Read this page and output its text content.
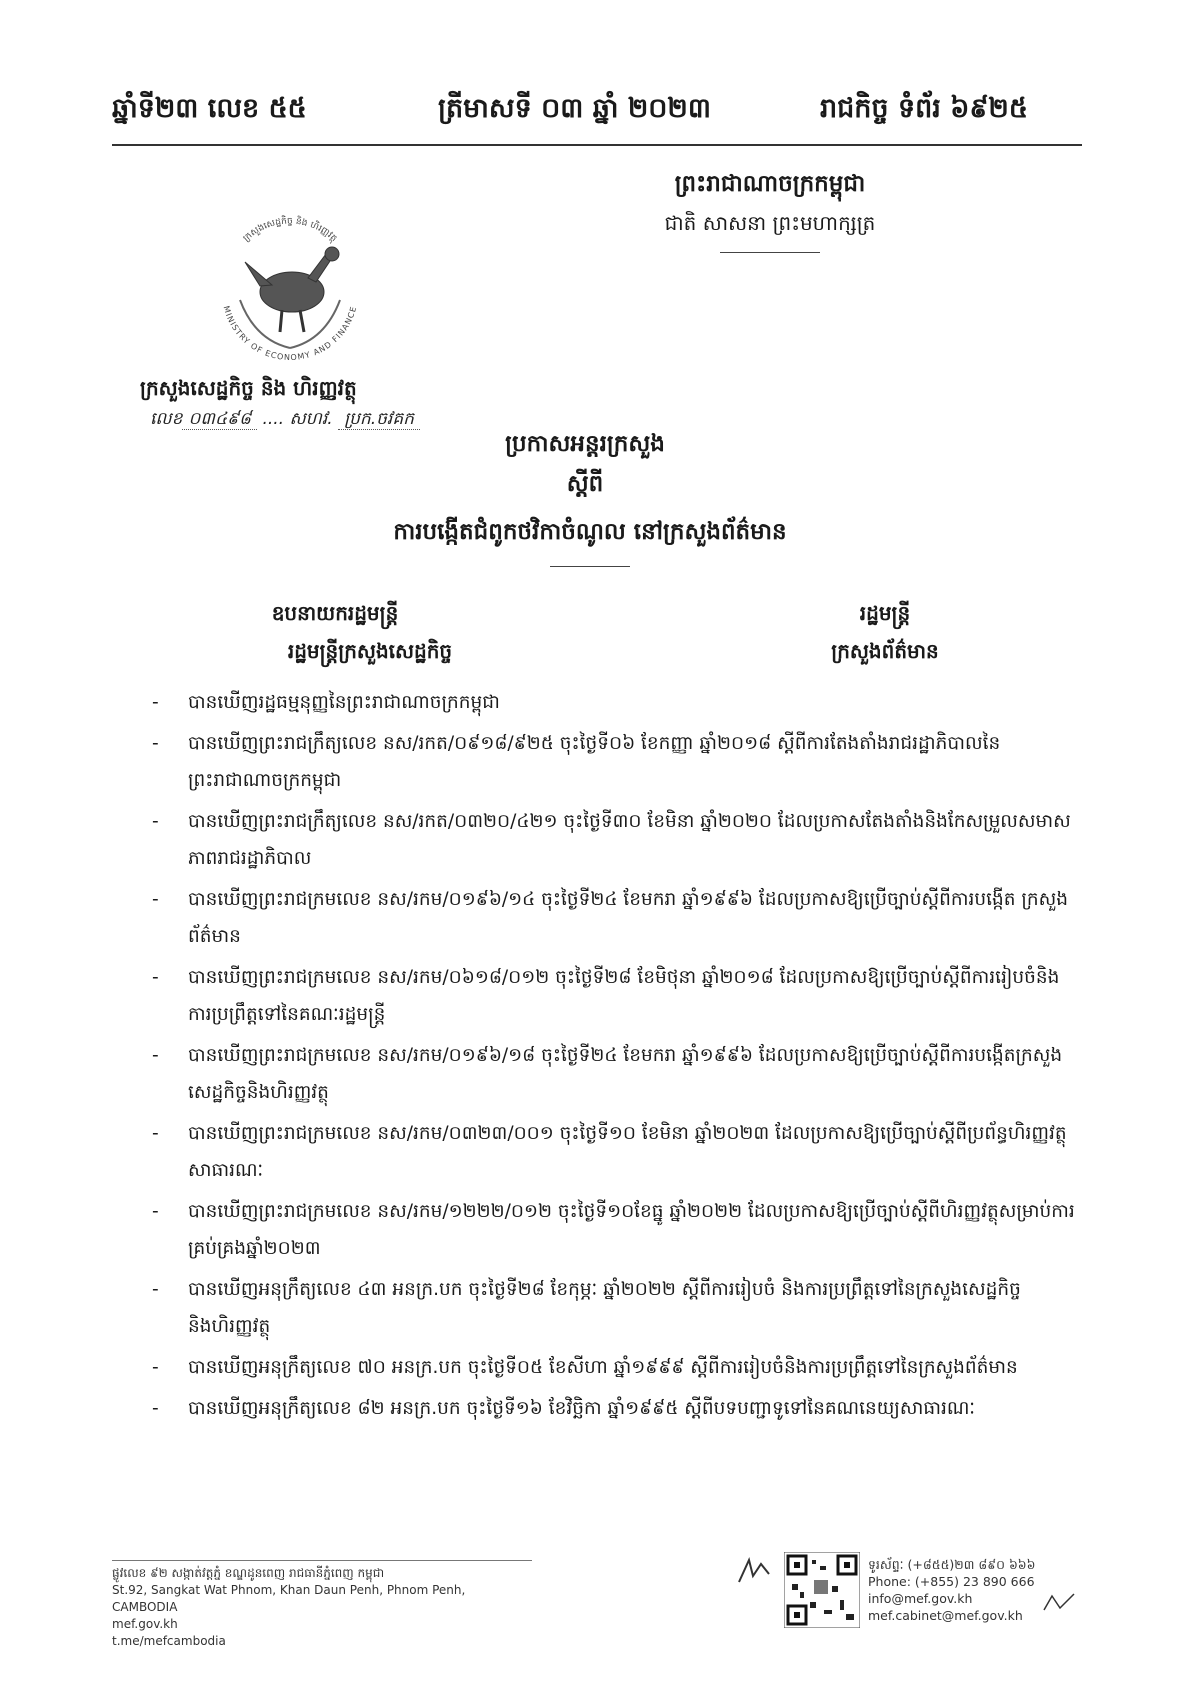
ឆ្នាំទី២៣ លេខ ៥៥	ត្រីមាសទី ០៣ ឆ្នាំ ២០២៣	រាជកិច្ច ទំព័រ ៦៩២៥
ព្រះរាជាណាចក្រកម្ពុជា
ជាតិ សាសនា ព្រះមហាក្សត្រ
MINISTRY OF ECONOMY AND FINANCE
ក្រសួងសេដ្ឋកិច្ច និង ហិរញ្ញវត្ថុ
ក្រសួងសេដ្ឋកិច្ច និង ហិរញ្ញវត្ថុ
លេខ ០៣៤៩៨ .... សហវ. ប្រក.ចវគក
ប្រកាសអន្តរក្រសួង
ស្តីពី
ការបង្កើតជំពូកថវិកាចំណូល នៅក្រសួងព័ត៌មាន
ឧបនាយករដ្ឋមន្ត្រី
រដ្ឋមន្ត្រីក្រសួងសេដ្ឋកិច្ច
រដ្ឋមន្ត្រី
ក្រសួងព័ត៌មាន
- បានឃើញរដ្ឋធម្មនុញ្ញនៃព្រះរាជាណាចក្រកម្ពុជា
- បានឃើញព្រះរាជក្រឹត្យលេខ នស/រកត/០៩១៨/៩២៥ ចុះថ្ងៃទី០៦ ខែកញ្ញា ឆ្នាំ២០១៨ ស្តីពីការតែងតាំងរាជរដ្ឋាភិបាលនៃព្រះរាជាណាចក្រកម្ពុជា
- បានឃើញព្រះរាជក្រឹត្យលេខ នស/រកត/០៣២០/៤២១ ចុះថ្ងៃទី៣០ ខែមិនា ឆ្នាំ២០២០ ដែលប្រកាសតែងតាំងនិងកែសម្រួលសមាសភាពរាជរដ្ឋាភិបាល
- បានឃើញព្រះរាជក្រមលេខ នស/រកម/០១៩៦/១៤ ចុះថ្ងៃទី២៤ ខែមករា ឆ្នាំ១៩៩៦ ដែលប្រកាសឱ្យប្រើច្បាប់ស្តីពីការបង្កើត ក្រសួងព័ត៌មាន
- បានឃើញព្រះរាជក្រមលេខ នស/រកម/០៦១៨/០១២ ចុះថ្ងៃទី២៨ ខែមិថុនា ឆ្នាំ២០១៨ ដែលប្រកាសឱ្យប្រើច្បាប់ស្តីពីការរៀបចំនិងការប្រព្រឹត្តទៅនៃគណៈរដ្ឋមន្ត្រី
- បានឃើញព្រះរាជក្រមលេខ នស/រកម/០១៩៦/១៨ ចុះថ្ងៃទី២៤ ខែមករា ឆ្នាំ១៩៩៦ ដែលប្រកាសឱ្យប្រើច្បាប់ស្តីពីការបង្កើតក្រសួងសេដ្ឋកិច្ចនិងហិរញ្ញវត្ថុ
- បានឃើញព្រះរាជក្រមលេខ នស/រកម/០៣២៣/០០១ ចុះថ្ងៃទី១០ ខែមិនា ឆ្នាំ២០២៣ ដែលប្រកាសឱ្យប្រើច្បាប់ស្តីពីប្រព័ន្ធហិរញ្ញវត្ថុសាធារណៈ
- បានឃើញព្រះរាជក្រមលេខ នស/រកម/១២២២/០១២ ចុះថ្ងៃទី១០ខែធ្នូ ឆ្នាំ២០២២ ដែលប្រកាសឱ្យប្រើច្បាប់ស្តីពីហិរញ្ញវត្ថុសម្រាប់ការគ្រប់គ្រងឆ្នាំ២០២៣
- បានឃើញអនុក្រឹត្យលេខ ៤៣ អនក្រ.បក ចុះថ្ងៃទី២៨ ខែកុម្ភៈ ឆ្នាំ២០២២ ស្តីពីការរៀបចំ និងការប្រព្រឹត្តទៅនៃក្រសួងសេដ្ឋកិច្ច និងហិរញ្ញវត្ថុ
- បានឃើញអនុក្រឹត្យលេខ ៧០ អនក្រ.បក ចុះថ្ងៃទី០៥ ខែសីហា ឆ្នាំ១៩៩៩ ស្តីពីការរៀបចំនិងការប្រព្រឹត្តទៅនៃក្រសួងព័ត៌មាន
- បានឃើញអនុក្រឹត្យលេខ ៨២ អនក្រ.បក ចុះថ្ងៃទី១៦ ខែវិច្ឆិកា ឆ្នាំ១៩៩៥ ស្តីពីបទបញ្ជាទូទៅនៃគណនេយ្យសាធារណៈ
ផ្លូវលេខ ៩២ សង្កាត់វត្តភ្នំ ខណ្ឌដូនពេញ រាជធានីភ្នំពេញ កម្ពុជា
St.92, Sangkat Wat Phnom, Khan Daun Penh, Phnom Penh, CAMBODIA
mef.gov.kh
t.me/mefcambodia
ទូរស័ព្ទៈ (+៨៥៥)២៣ ៨៩០ ៦៦៦
Phone: (+855) 23 890 666
info@mef.gov.kh
mef.cabinet@mef.gov.kh
